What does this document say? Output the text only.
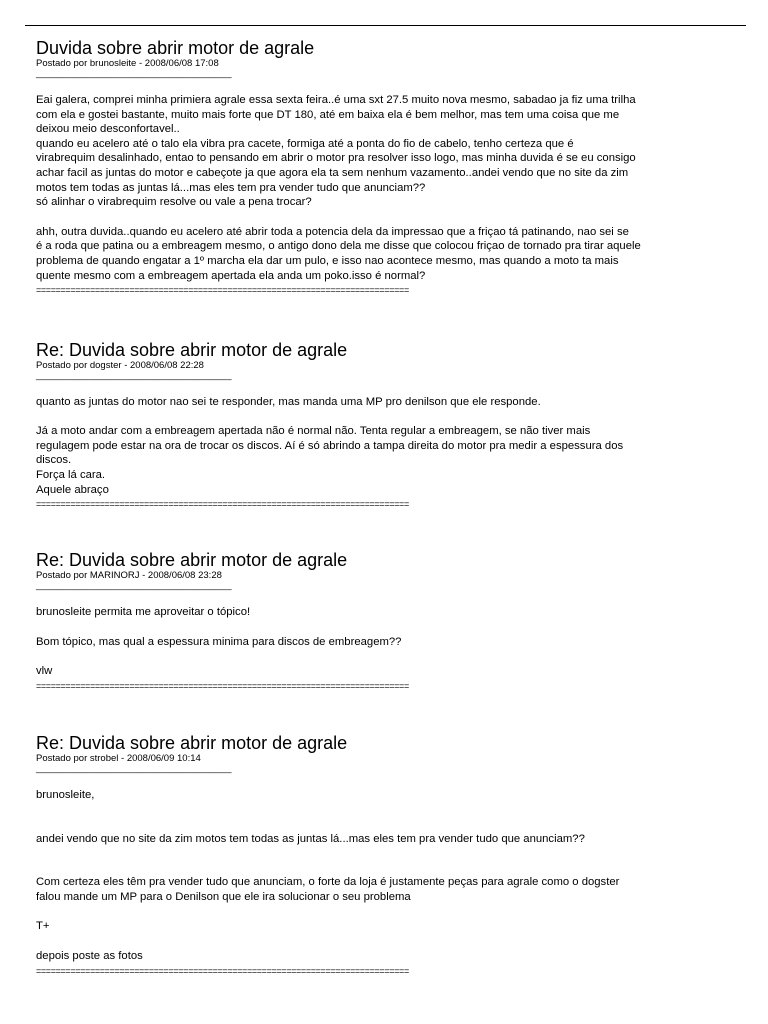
Duvida sobre abrir motor de agrale
Postado por brunosleite - 2008/06/08 17:08
_____________________________________

Eai galera, comprei minha primiera agrale essa sexta feira..é uma sxt 27.5 muito nova mesmo, sabadao ja fiz uma trilha
com ela e gostei bastante, muito mais forte que DT 180, até em baixa ela é bem melhor, mas tem uma coisa que me
deixou meio desconfortavel..
quando eu acelero até o talo ela vibra pra cacete, formiga até a ponta do fio de cabelo, tenho certeza que é
virabrequim desalinhado, entao to pensando em abrir o motor pra resolver isso logo, mas minha duvida é se eu consigo
achar facil as juntas do motor e cabeçote ja que agora ela ta sem nenhum vazamento..andei vendo que no site da zim
motos tem todas as juntas lá...mas eles tem pra vender tudo que anunciam??
só alinhar o virabrequim resolve ou vale a pena trocar?

ahh, outra duvida..quando eu acelero até abrir toda a potencia dela da impressao que a friçao tá patinando, nao sei se
é a roda que patina ou a embreagem mesmo, o antigo dono dela me disse que colocou friçao de tornado pra tirar aquele
problema de quando engatar a 1º marcha ela dar um pulo, e isso nao acontece mesmo, mas quando a moto ta mais
quente mesmo com a embreagem apertada ela anda um poko.isso é normal?

============================================================================
Re: Duvida sobre abrir motor de agrale
Postado por dogster - 2008/06/08 22:28
_____________________________________

quanto as juntas do motor nao sei te responder, mas manda uma MP pro denilson que ele responde.

Já a moto andar com a embreagem apertada não é normal não. Tenta regular a embreagem, se não tiver mais
regulagem pode estar na ora de trocar os discos. Aí é só abrindo a tampa direita do motor pra medir a espessura dos
discos.
Força lá cara.
Aquele abraço

============================================================================
Re: Duvida sobre abrir motor de agrale
Postado por MARINORJ - 2008/06/08 23:28
_____________________________________

brunosleite permita me aproveitar o tópico!

Bom tópico, mas qual a espessura minima para discos de embreagem??

vlw

============================================================================
Re: Duvida sobre abrir motor de agrale
Postado por strobel - 2008/06/09 10:14
_____________________________________

brunosleite,

andei vendo que no site da zim motos tem todas as juntas lá...mas eles tem pra vender tudo que anunciam??

Com certeza eles têm pra vender tudo que anunciam, o forte da loja é justamente peças para agrale como o dogster
falou mande um MP para o Denilson que ele ira solucionar o seu problema

T+

depois poste as fotos

============================================================================
